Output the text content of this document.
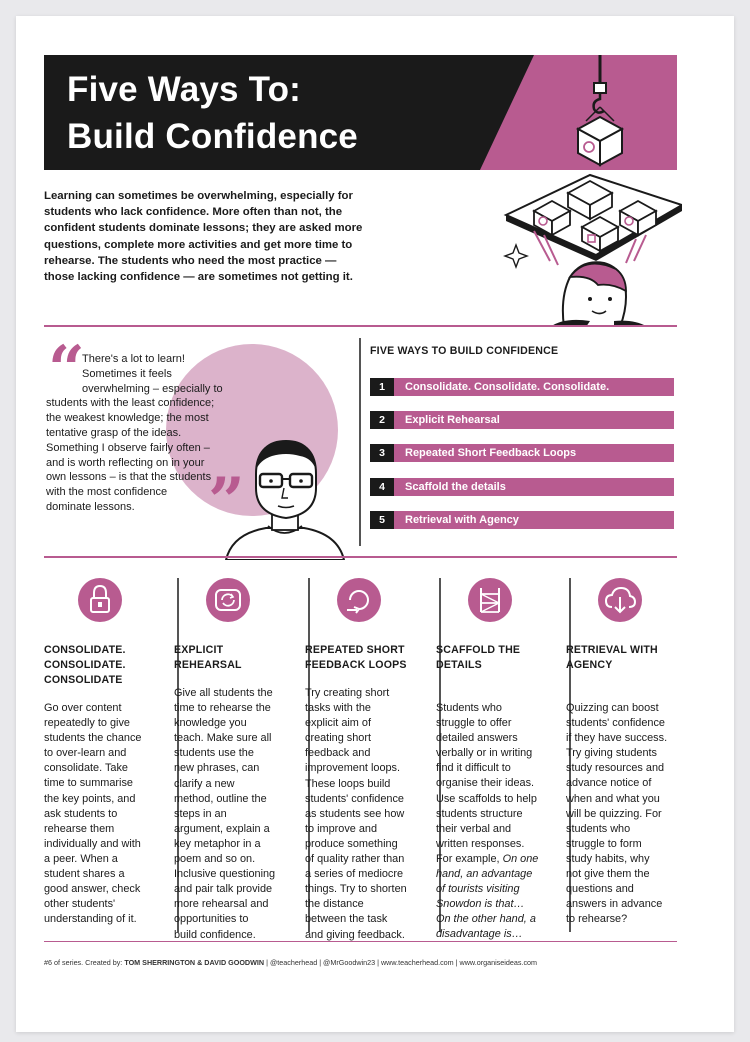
Five Ways To:
Build Confidence
Learning can sometimes be overwhelming, especially for students who lack confidence. More often than not, the confident students dominate lessons; they are asked more questions, complete more activities and get more time to rehearse. The students who need the most practice — those lacking confidence — are sometimes not getting it.
“
There's a lot to learn!
Sometimes it feels
overwhelming – especially to
students with the least confidence;
the weakest knowledge; the most
tentative grasp of the ideas.
Something I observe fairly often –
and is worth reflecting on in your
own lessons – is that the students
with the most confidence
dominate lessons.	”
FIVE WAYS TO BUILD CONFIDENCE
1	Consolidate. Consolidate. Consolidate.
2	Explicit Rehearsal
3	Repeated Short Feedback Loops
4	Scaffold the details
5	Retrieval with Agency
CONSOLIDATE.
CONSOLIDATE.
CONSOLIDATE
Go over content
repeatedly to give
students the chance
to over-learn and
consolidate. Take
time to summarise
the key points, and
ask students to
rehearse them
individually and with
a peer. When a
student shares a
good answer, check
other students'
understanding of it.
EXPLICIT
REHEARSAL
Give all students the
time to rehearse the
knowledge you
teach. Make sure all
students use the
new phrases, can
clarify a new
method, outline the
steps in an
argument, explain a
key metaphor in a
poem and so on.
Inclusive questioning
and pair talk provide
more rehearsal and
opportunities to
build confidence.
REPEATED SHORT
FEEDBACK LOOPS
Try creating short
tasks with the
explicit aim of
creating short
feedback and
improvement loops.
These loops build
students' confidence
as students see how
to improve and
produce something
of quality rather than
a series of mediocre
things. Try to shorten
the distance
between the task
and giving feedback.
SCAFFOLD THE
DETAILS
Students who
struggle to offer
detailed answers
verbally or in writing
find it difficult to
organise their ideas.
Use scaffolds to help
students structure
their verbal and
written responses.
For example, On one
hand, an advantage
of tourists visiting
Snowdon is that…
On the other hand, a
disadvantage is…
RETRIEVAL WITH
AGENCY
Quizzing can boost
students' confidence
if they have success.
Try giving students
study resources and
advance notice of
when and what you
will be quizzing. For
students who
struggle to form
study habits, why
not give them the
questions and
answers in advance
to rehearse?
#6 of series. Created by: TOM SHERRINGTON & DAVID GOODWIN | @teacherhead | @MrGoodwin23 | www.teacherhead.com | www.organiseideas.com
